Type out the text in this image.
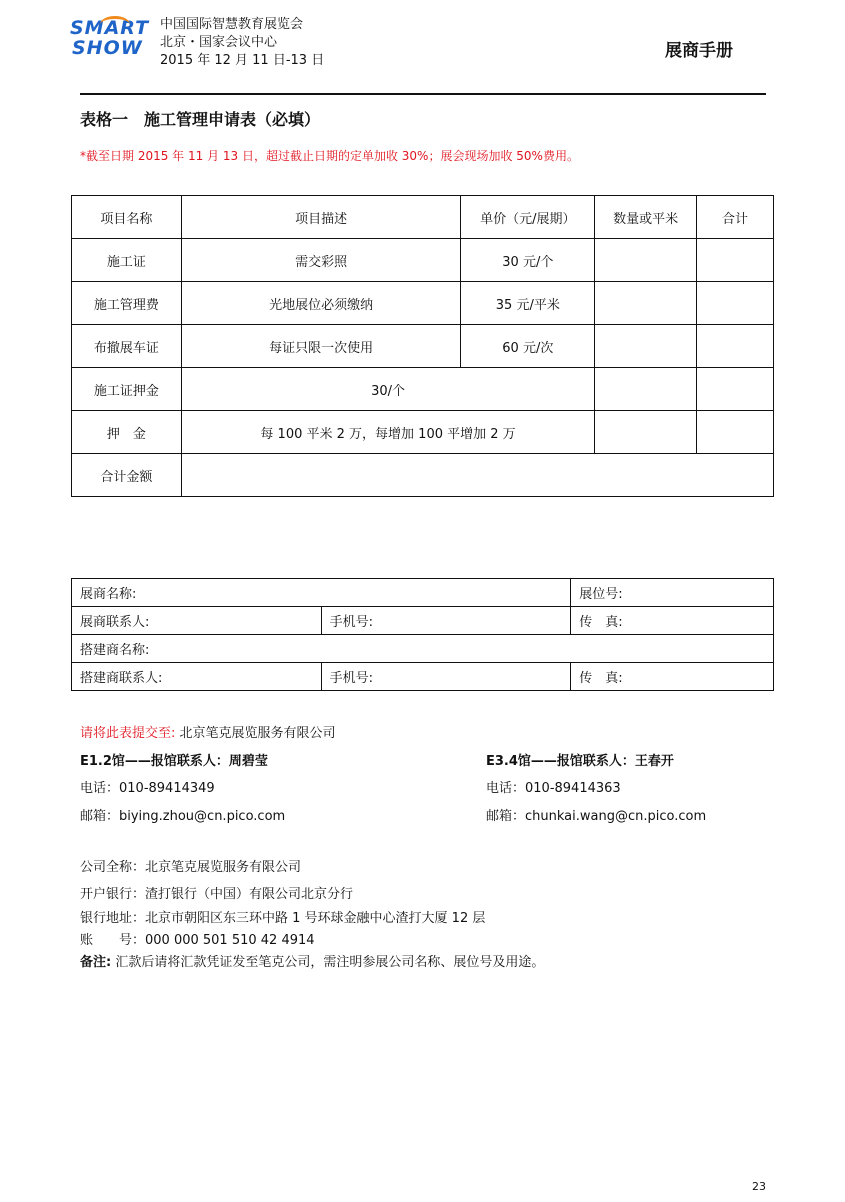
SMART
SHOW
中国国际智慧教育展览会
北京・国家会议中心
2015 年 12 月 11 日-13 日	展商手册
表格一　施工管理申请表（必填）
*截至日期 2015 年 11 月 13 日，超过截止日期的定单加收 30%；展会现场加收 50%费用。
项目名称	项目描述	单价（元/展期）	数量或平米	合计
施工证	需交彩照	30 元/个		
施工管理费	光地展位必须缴纳	35 元/平米		
布撤展车证	每证只限一次使用	60 元/次		
施工证押金	30/个			
押　金	每 100 平米 2 万，每增加 100 平增加 2 万			
合计金额				
展商名称:		展位号:
展商联系人:	手机号:	传　真:
搭建商名称:		
搭建商联系人:	手机号:	传　真:
请将此表提交至: 北京笔克展览服务有限公司
E1.2馆——报馆联系人：周碧莹
电话：010-89414349
邮箱：biying.zhou@cn.pico.com
E3.4馆——报馆联系人：王春开
电话：010-89414363
邮箱：chunkai.wang@cn.pico.com
公司全称：北京笔克展览服务有限公司
开户银行：渣打银行（中国）有限公司北京分行
银行地址：北京市朝阳区东三环中路 1 号环球金融中心渣打大厦 12 层
账　　号：000 000 501 510 42 4914
备注: 汇款后请将汇款凭证发至笔克公司，需注明参展公司名称、展位号及用途。
23
